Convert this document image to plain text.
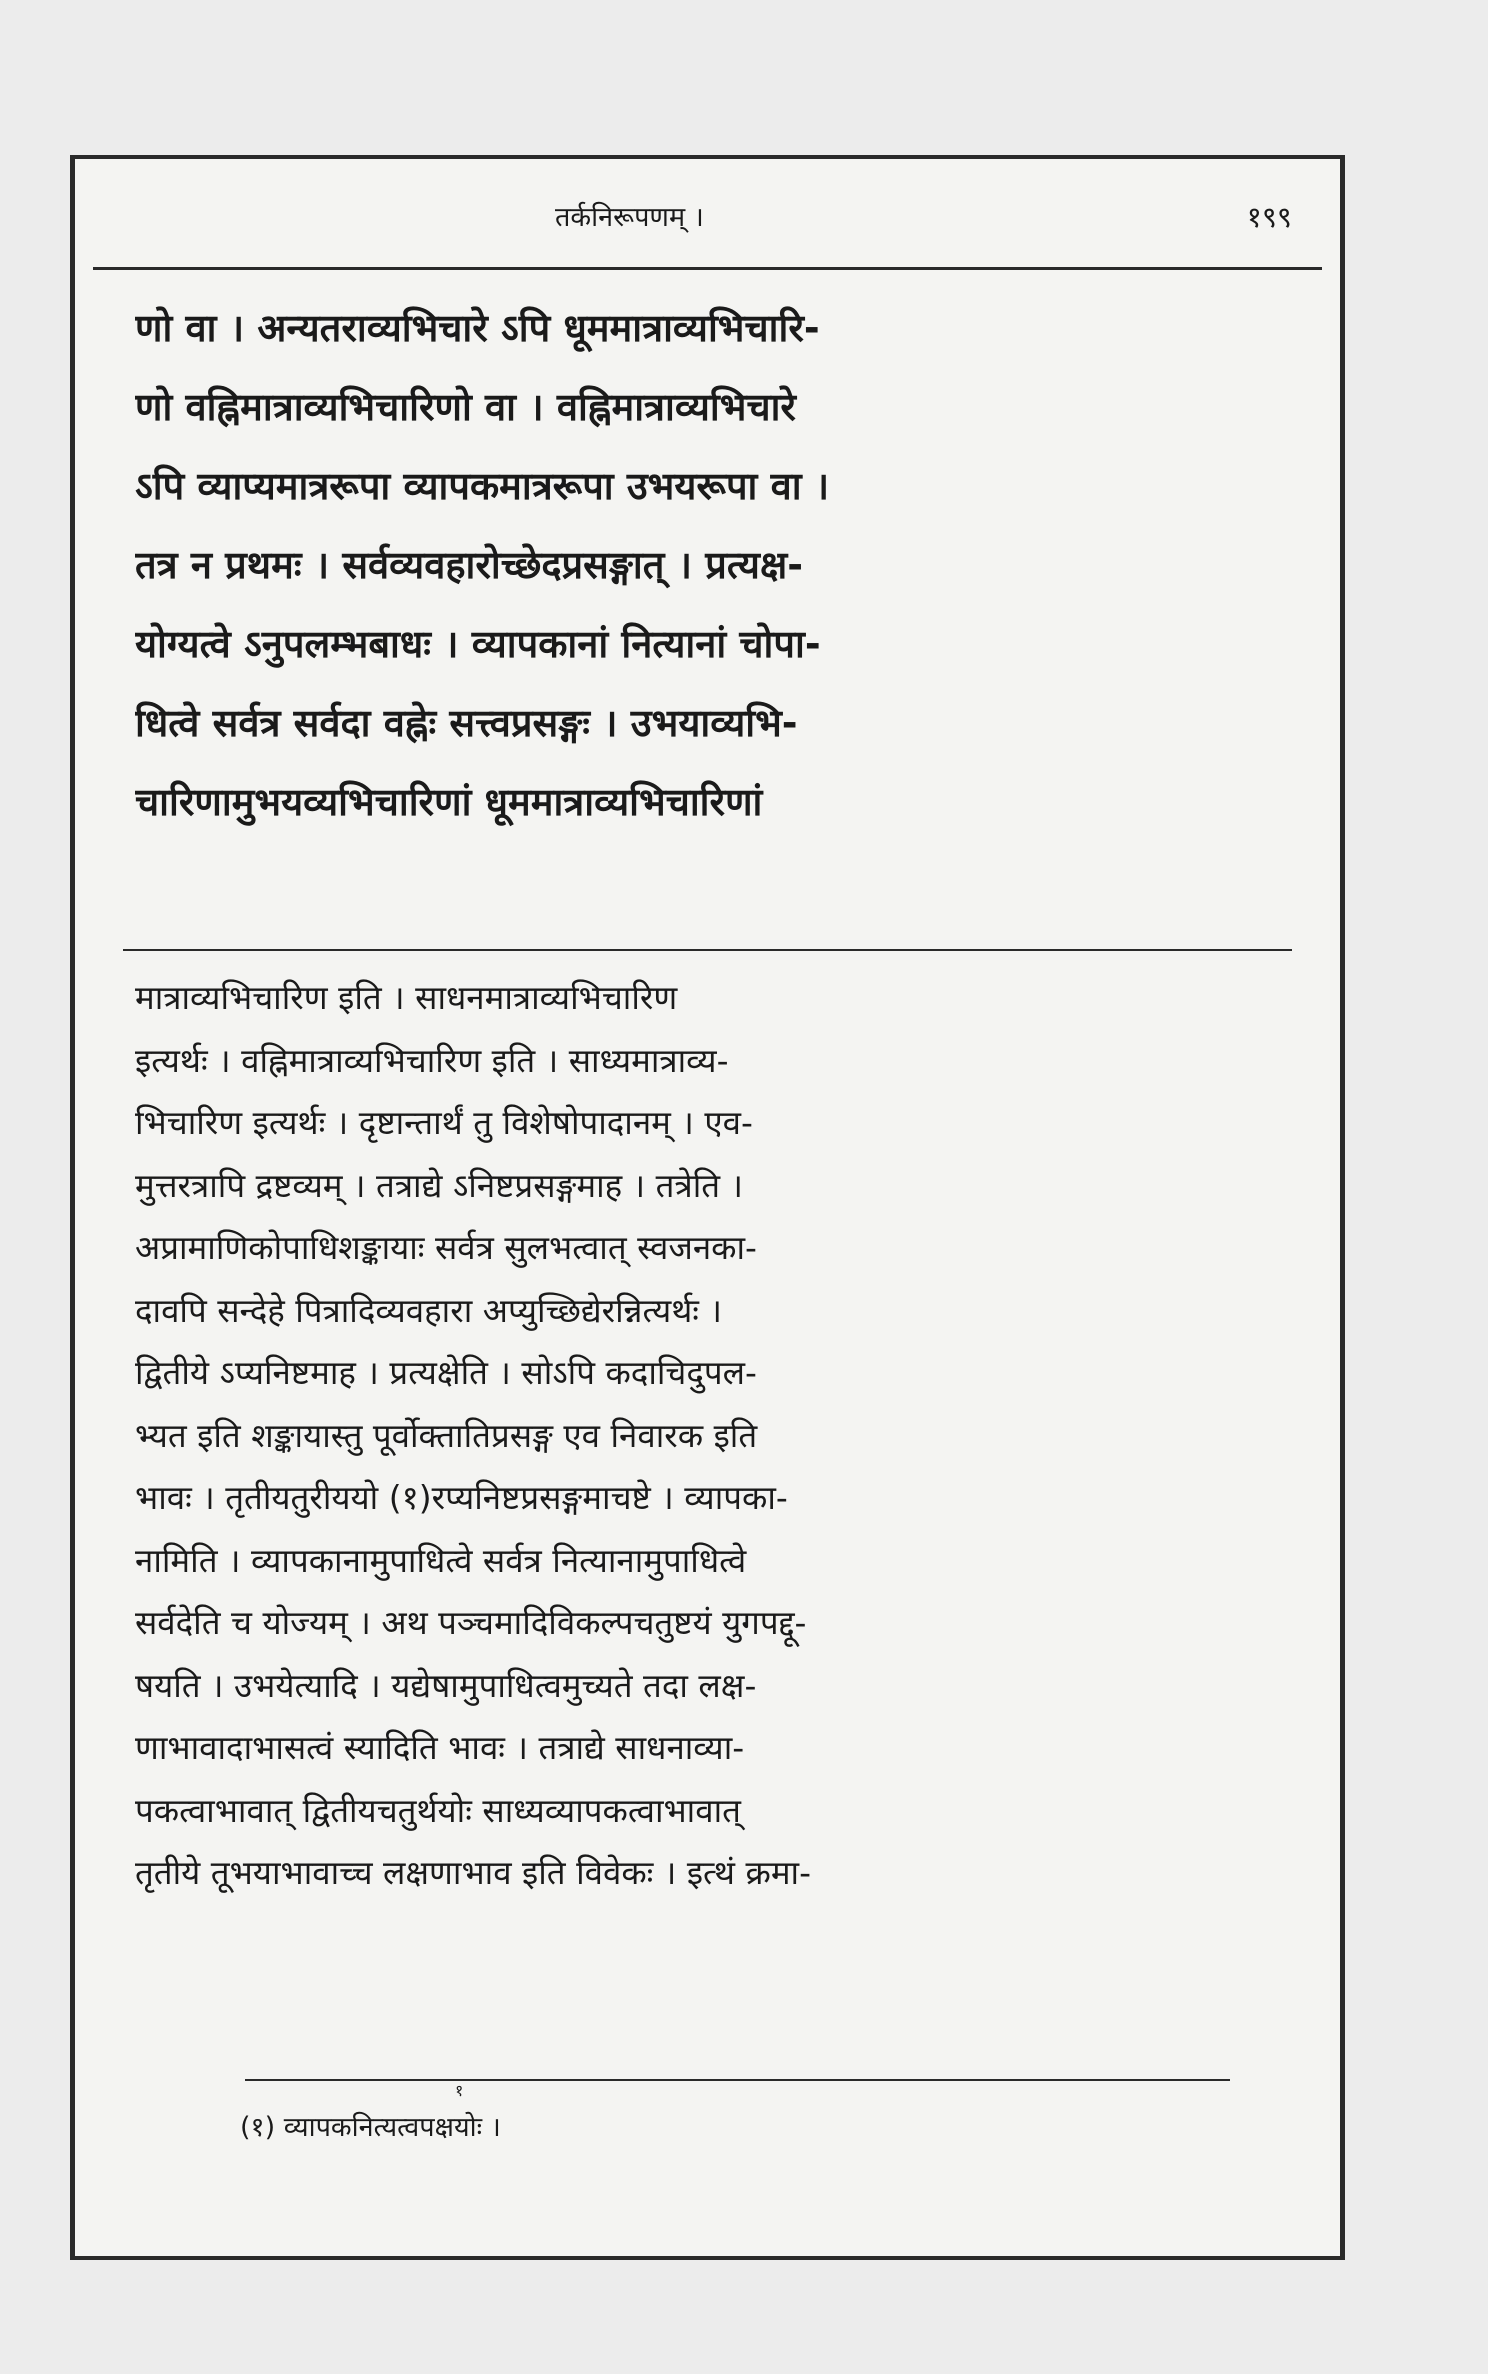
तर्कनिरूपणम् ।	१९९
णो वा । अन्यतराव्यभिचारे ऽपि धूममात्राव्यभिचारि-
णो वह्निमात्राव्यभिचारिणो वा । वह्निमात्राव्यभिचारे
ऽपि व्याप्यमात्ररूपा व्यापकमात्ररूपा उभयरूपा वा ।
तत्र न प्रथमः । सर्वव्यवहारोच्छेदप्रसङ्गात् । प्रत्यक्ष-
योग्यत्वे ऽनुपलम्भबाधः । व्यापकानां नित्यानां चोपा-
धित्वे सर्वत्र सर्वदा वह्नेः सत्त्वप्रसङ्गः । उभयाव्यभि-
चारिणामुभयव्यभिचारिणां धूममात्राव्यभिचारिणां
मात्राव्यभिचारिण इति । साधनमात्राव्यभिचारिण
इत्यर्थः । वह्निमात्राव्यभिचारिण इति । साध्यमात्राव्य-
भिचारिण इत्यर्थः । दृष्टान्तार्थं तु विशेषोपादानम् । एव-
मुत्तरत्रापि द्रष्टव्यम् । तत्राद्ये ऽनिष्टप्रसङ्गमाह । तत्रेति ।
अप्रामाणिकोपाधिशङ्कायाः सर्वत्र सुलभत्वात् स्वजनका-
दावपि सन्देहे पित्रादिव्यवहारा अप्युच्छिद्येरन्नित्यर्थः ।
द्वितीये ऽप्यनिष्टमाह । प्रत्यक्षेति । सोऽपि कदाचिदुपल-
भ्यत इति शङ्कायास्तु पूर्वोक्तातिप्रसङ्ग एव निवारक इति
भावः । तृतीयतुरीययो (१)रप्यनिष्टप्रसङ्गमाचष्टे । व्यापका-
नामिति । व्यापकानामुपाधित्वे सर्वत्र नित्यानामुपाधित्वे
सर्वदेति च योज्यम् । अथ पञ्चमादिविकल्पचतुष्टयं युगपद्दू-
षयति । उभयेत्यादि । यद्येषामुपाधित्वमुच्यते तदा लक्ष-
णाभावादाभासत्वं स्यादिति भावः । तत्राद्ये साधनाव्या-
पकत्वाभावात् द्वितीयचतुर्थयोः साध्यव्यापकत्वाभावात्
तृतीये तूभयाभावाच्च लक्षणाभाव इति विवेकः । इत्थं क्रमा-
१
(१) व्यापकनित्यत्वपक्षयोः ।
